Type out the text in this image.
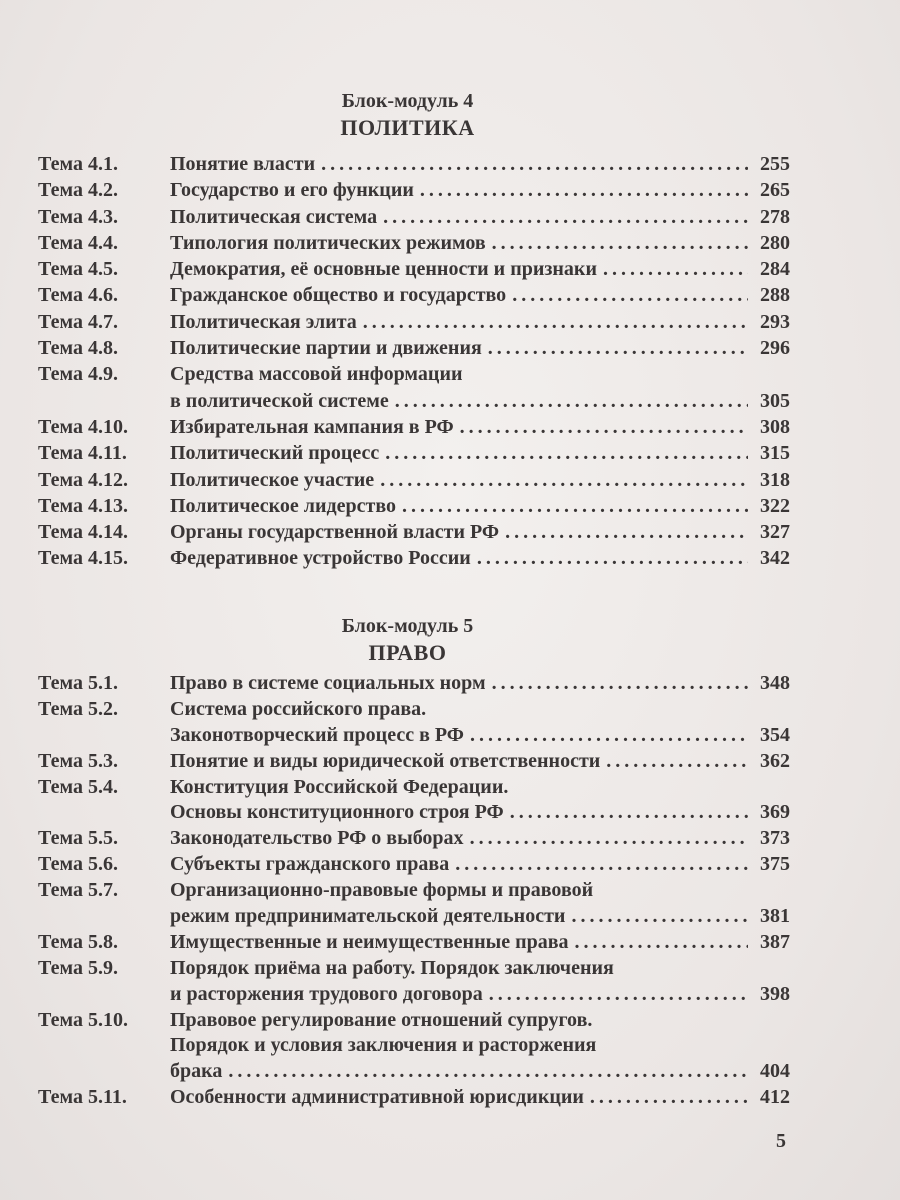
Блок-модуль 4
ПОЛИТИКА
Тема 4.1.	Понятие власти . . .	255
Тема 4.2.	Государство и его функции . . .	265
Тема 4.3.	Политическая система . . .	278
Тема 4.4.	Типология политических режимов . . .	280
Тема 4.5.	Демократия, её основные ценности и признаки . . .	284
Тема 4.6.	Гражданское общество и государство . . .	288
Тема 4.7.	Политическая элита . . .	293
Тема 4.8.	Политические партии и движения . . .	296
Тема 4.9.	Средства массовой информации
в политической системе . . .	305
Тема 4.10.	Избирательная кампания в РФ . . .	308
Тема 4.11.	Политический процесс . . .	315
Тема 4.12.	Политическое участие . . .	318
Тема 4.13.	Политическое лидерство . . .	322
Тема 4.14.	Органы государственной власти РФ . . .	327
Тема 4.15.	Федеративное устройство России . . .	342
Блок-модуль 5
ПРАВО
Тема 5.1.	Право в системе социальных норм . . .	348
Тема 5.2.	Система российского права.
Законотворческий процесс в РФ . . .	354
Тема 5.3.	Понятие и виды юридической ответственности . . .	362
Тема 5.4.	Конституция Российской Федерации.
Основы конституционного строя РФ . . .	369
Тема 5.5.	Законодательство РФ о выборах . . .	373
Тема 5.6.	Субъекты гражданского права . . .	375
Тема 5.7.	Организационно-правовые формы и правовой
режим предпринимательской деятельности . . .	381
Тема 5.8.	Имущественные и неимущественные права . . .	387
Тема 5.9.	Порядок приёма на работу. Порядок заключения
и расторжения трудового договора . . .	398
Тема 5.10.	Правовое регулирование отношений супругов.
Порядок и условия заключения и расторжения
брака . . .	404
Тема 5.11.	Особенности административной юрисдикции . . .	412
5
